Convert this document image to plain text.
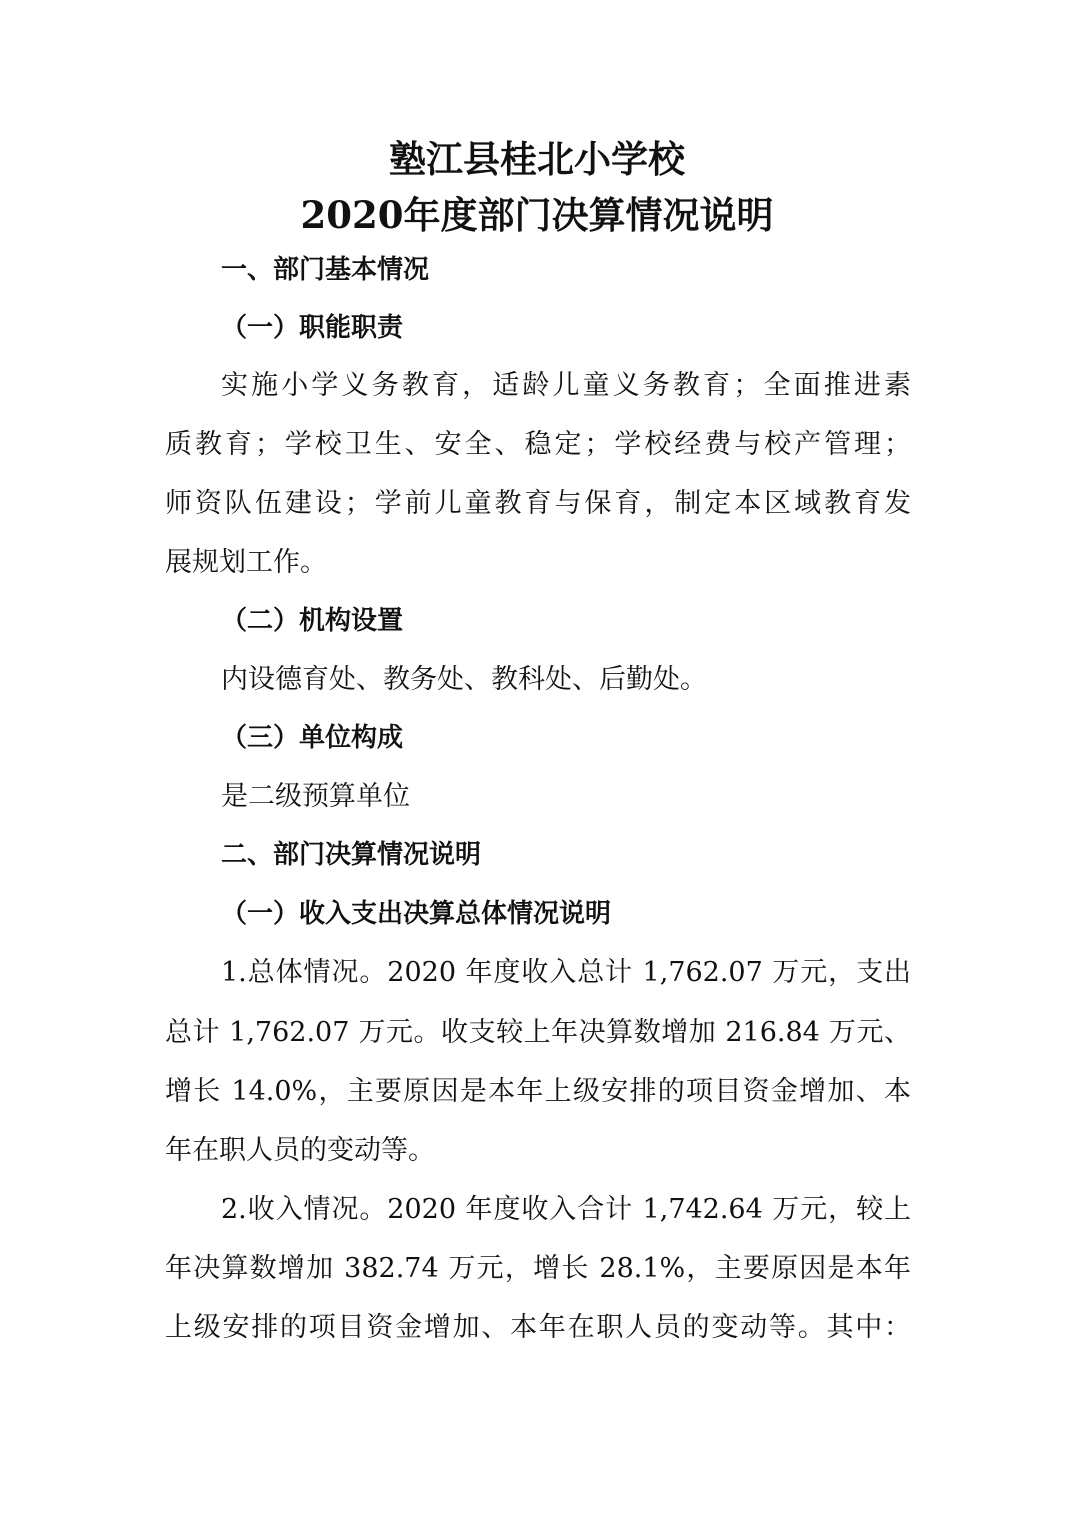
塾江县桂北小学校
2020年度部门决算情况说明
一、部门基本情况
（一）职能职责
实施小学义务教育，适龄儿童义务教育；全面推进素
质教育；学校卫生、安全、稳定；学校经费与校产管理；
师资队伍建设；学前儿童教育与保育，制定本区域教育发
展规划工作。
（二）机构设置
内设德育处、教务处、教科处、后勤处。
（三）单位构成
是二级预算单位
二、部门决算情况说明
（一）收入支出决算总体情况说明
1.总体情况。2020 年度收入总计 1,762.07 万元，支出
总计 1,762.07 万元。收支较上年决算数增加 216.84 万元、
增长 14.0%，主要原因是本年上级安排的项目资金增加、本
年在职人员的变动等。
2.收入情况。2020 年度收入合计 1,742.64 万元，较上
年决算数增加 382.74 万元，增长 28.1%，主要原因是本年
上级安排的项目资金增加、本年在职人员的变动等。其中：
